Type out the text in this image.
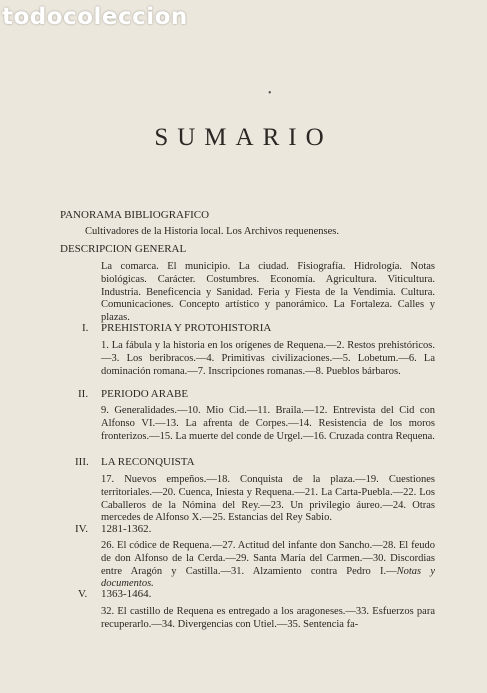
todocoleccion
•
SUMARIO
PANORAMA BIBLIOGRAFICO
Cultivadores de la Historia local. Los Archivos requenenses.
DESCRIPCION GENERAL
La comarca. El municipio. La ciudad. Fisiografía. Hidrología. Notas biológicas. Carácter. Costumbres. Economía. Agricultura. Viticultura. Industria. Beneficencia y Sanidad. Feria y Fiesta de la Vendimia. Cultura. Comunicaciones. Concepto artístico y panorámico. La Fortaleza. Calles y plazas.
I. PREHISTORIA Y PROTOHISTORIA
1. La fábula y la historia en los orígenes de Requena.—2. Restos prehistóricos.—3. Los beribracos.—4. Primitivas civilizaciones.—5. Lobetum.—6. La dominación romana.—7. Inscripciones romanas.—8. Pueblos bárbaros.
II. PERIODO ARABE
9. Generalidades.—10. Mio Cid.—11. Braila.—12. Entrevista del Cid con Alfonso VI.—13. La afrenta de Corpes.—14. Resistencia de los moros fronterizos.—15. La muerte del conde de Urgel.—16. Cruzada contra Requena.
III. LA RECONQUISTA
17. Nuevos empeños.—18. Conquista de la plaza.—19. Cuestiones territoriales.—20. Cuenca, Iniesta y Requena.—21. La Carta-Puebla.—22. Los Caballeros de la Nómina del Rey.—23. Un privilegio áureo.—24. Otras mercedes de Alfonso X.—25. Estancias del Rey Sabio.
IV. 1281-1362.
26. El códice de Requena.—27. Actitud del infante don Sancho.—28. El feudo de don Alfonso de la Cerda.—29. Santa María del Carmen.—30. Discordias entre Aragón y Castilla.—31. Alzamiento contra Pedro I.—Notas y documentos.
V. 1363-1464.
32. El castillo de Requena es entregado a los aragoneses.—33. Esfuerzos para recuperarlo.—34. Divergencias con Utiel.—35. Sentencia fa-
